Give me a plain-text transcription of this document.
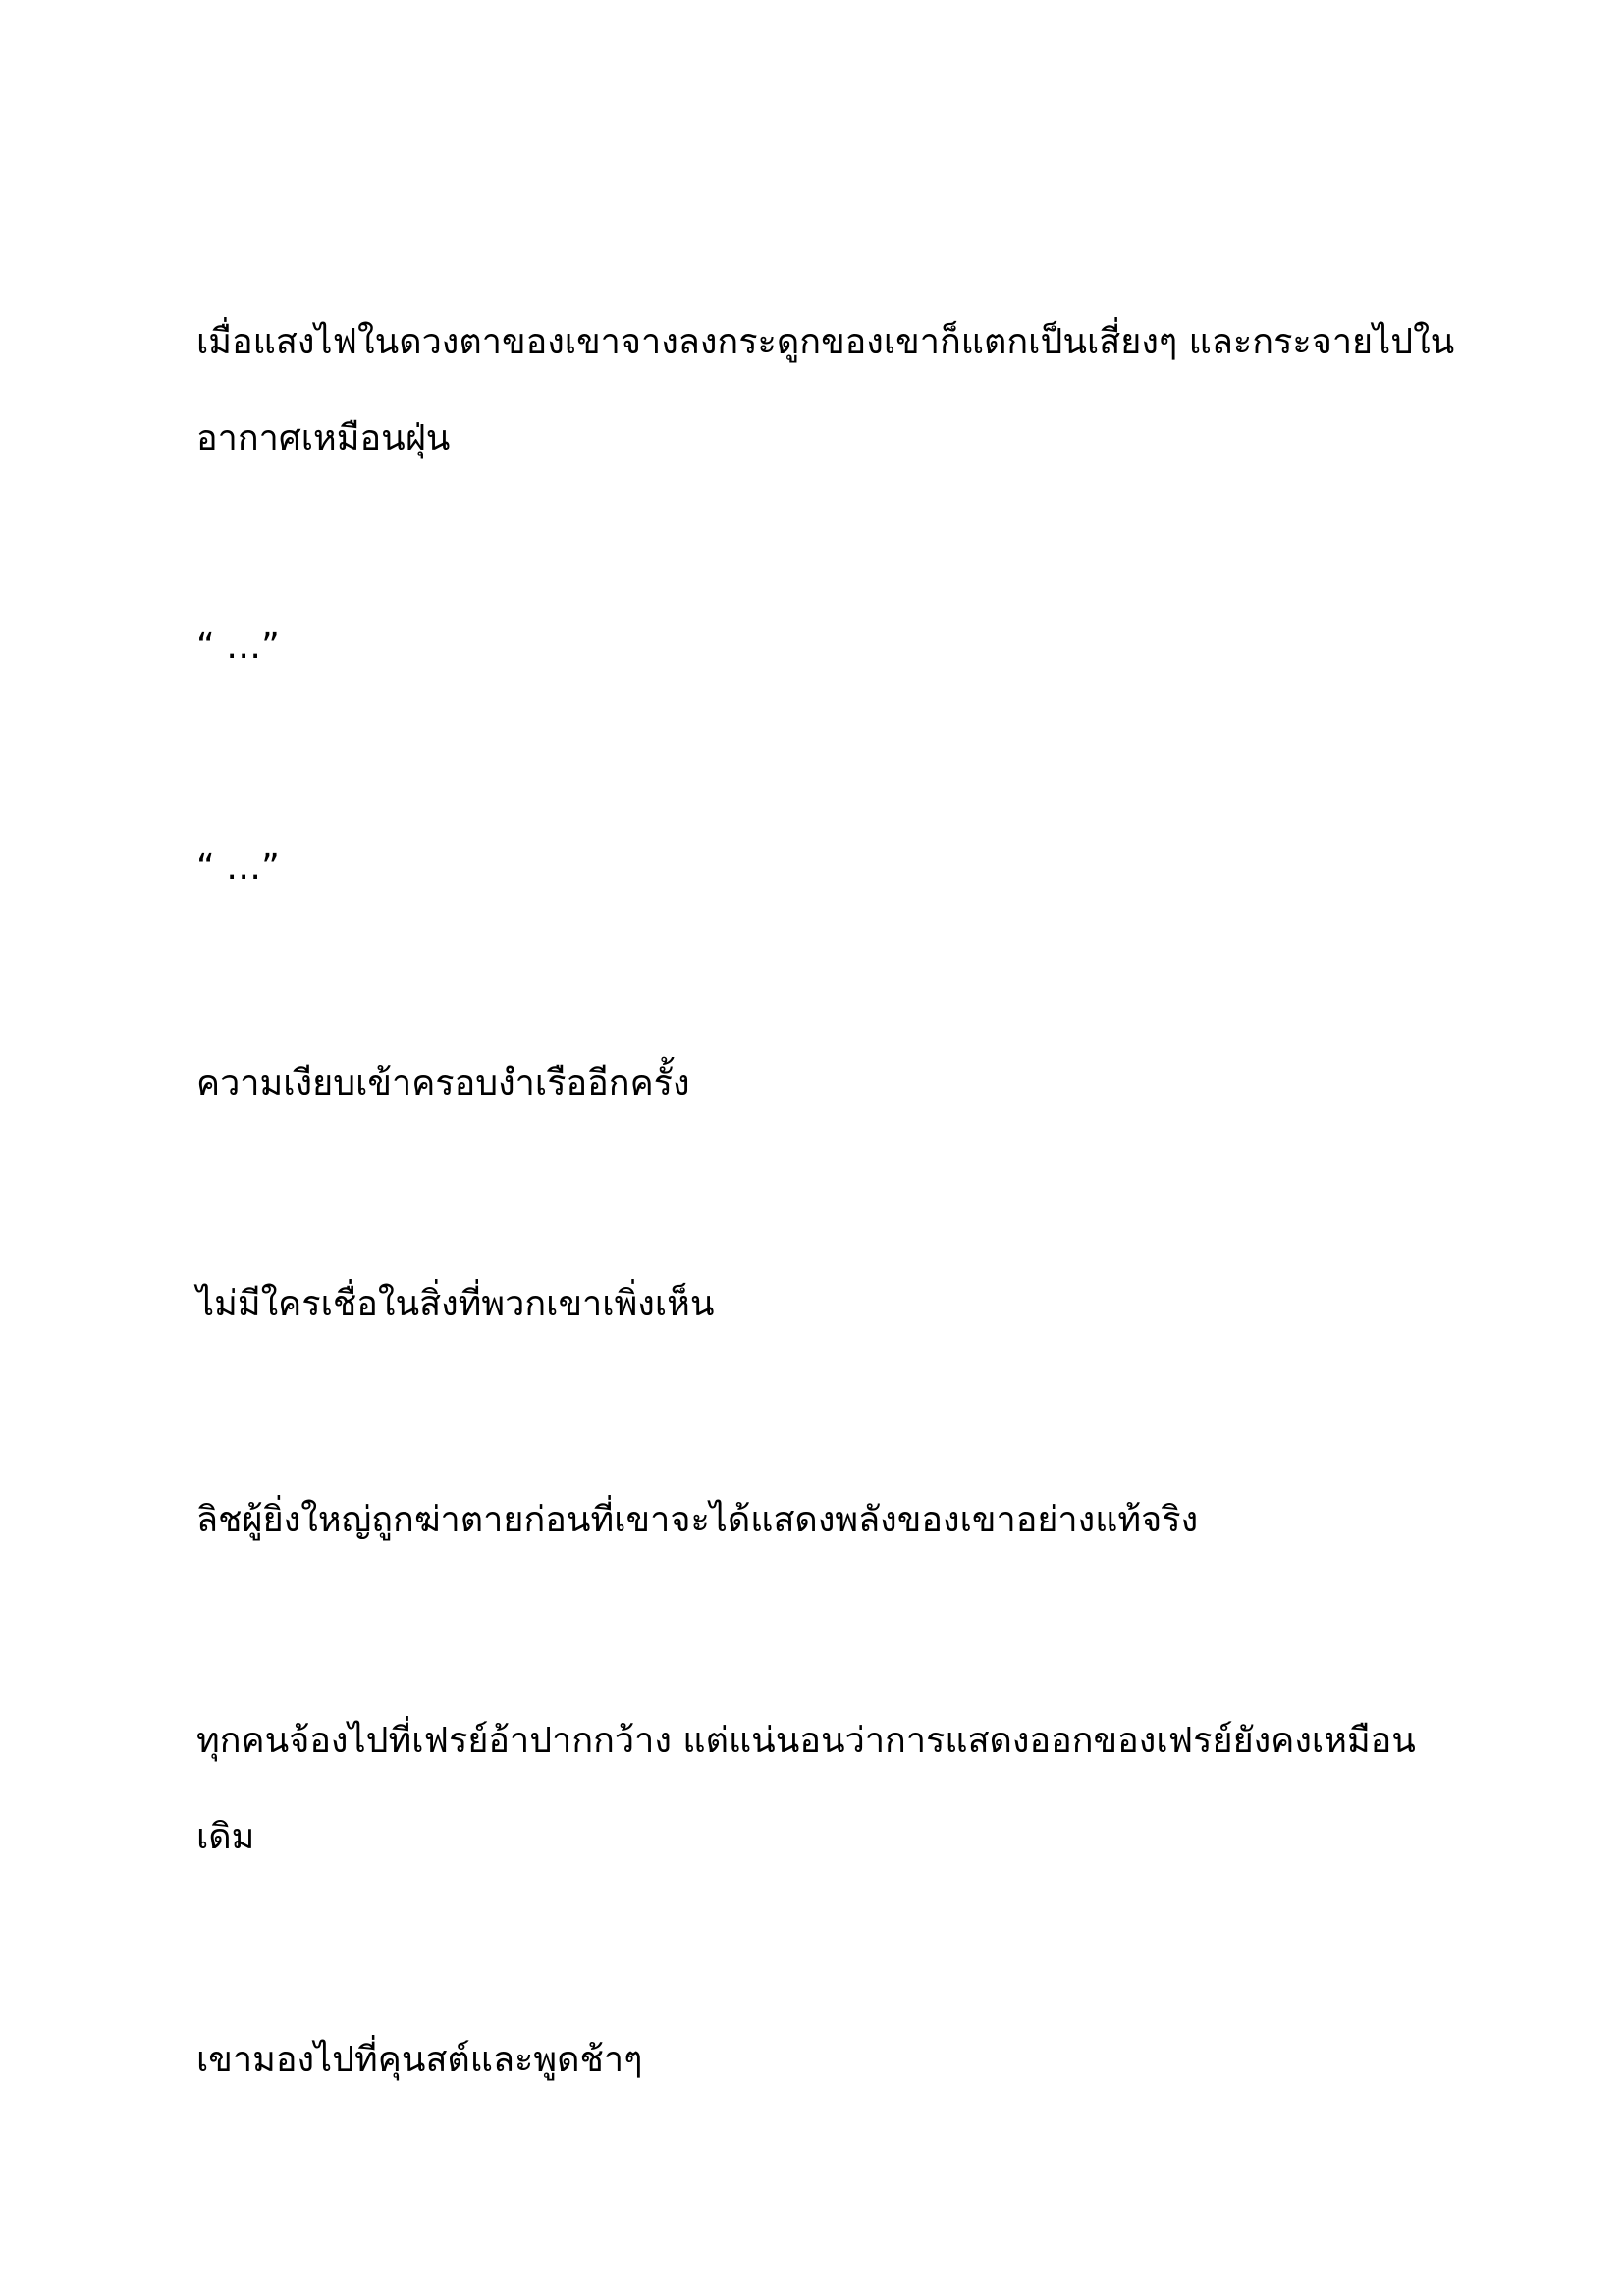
เมื่อแสงไฟในดวงตาของเขาจางลงกระดูกของเขาก็แตกเป็นเสี่ยงๆ และกระจายไปในอากาศเหมือนฝุ่น

“ …”

“ …”

ความเงียบเข้าครอบงำเรืออีกครั้ง

ไม่มีใครเชื่อในสิ่งที่พวกเขาเพิ่งเห็น

ลิชผู้ยิ่งใหญ่ถูกฆ่าตายก่อนที่เขาจะได้แสดงพลังของเขาอย่างแท้จริง

ทุกคนจ้องไปที่เฟรย์อ้าปากกว้าง แต่แน่นอนว่าการแสดงออกของเฟรย์ยังคงเหมือนเดิม

เขามองไปที่คุนสต์และพูดช้าๆ
